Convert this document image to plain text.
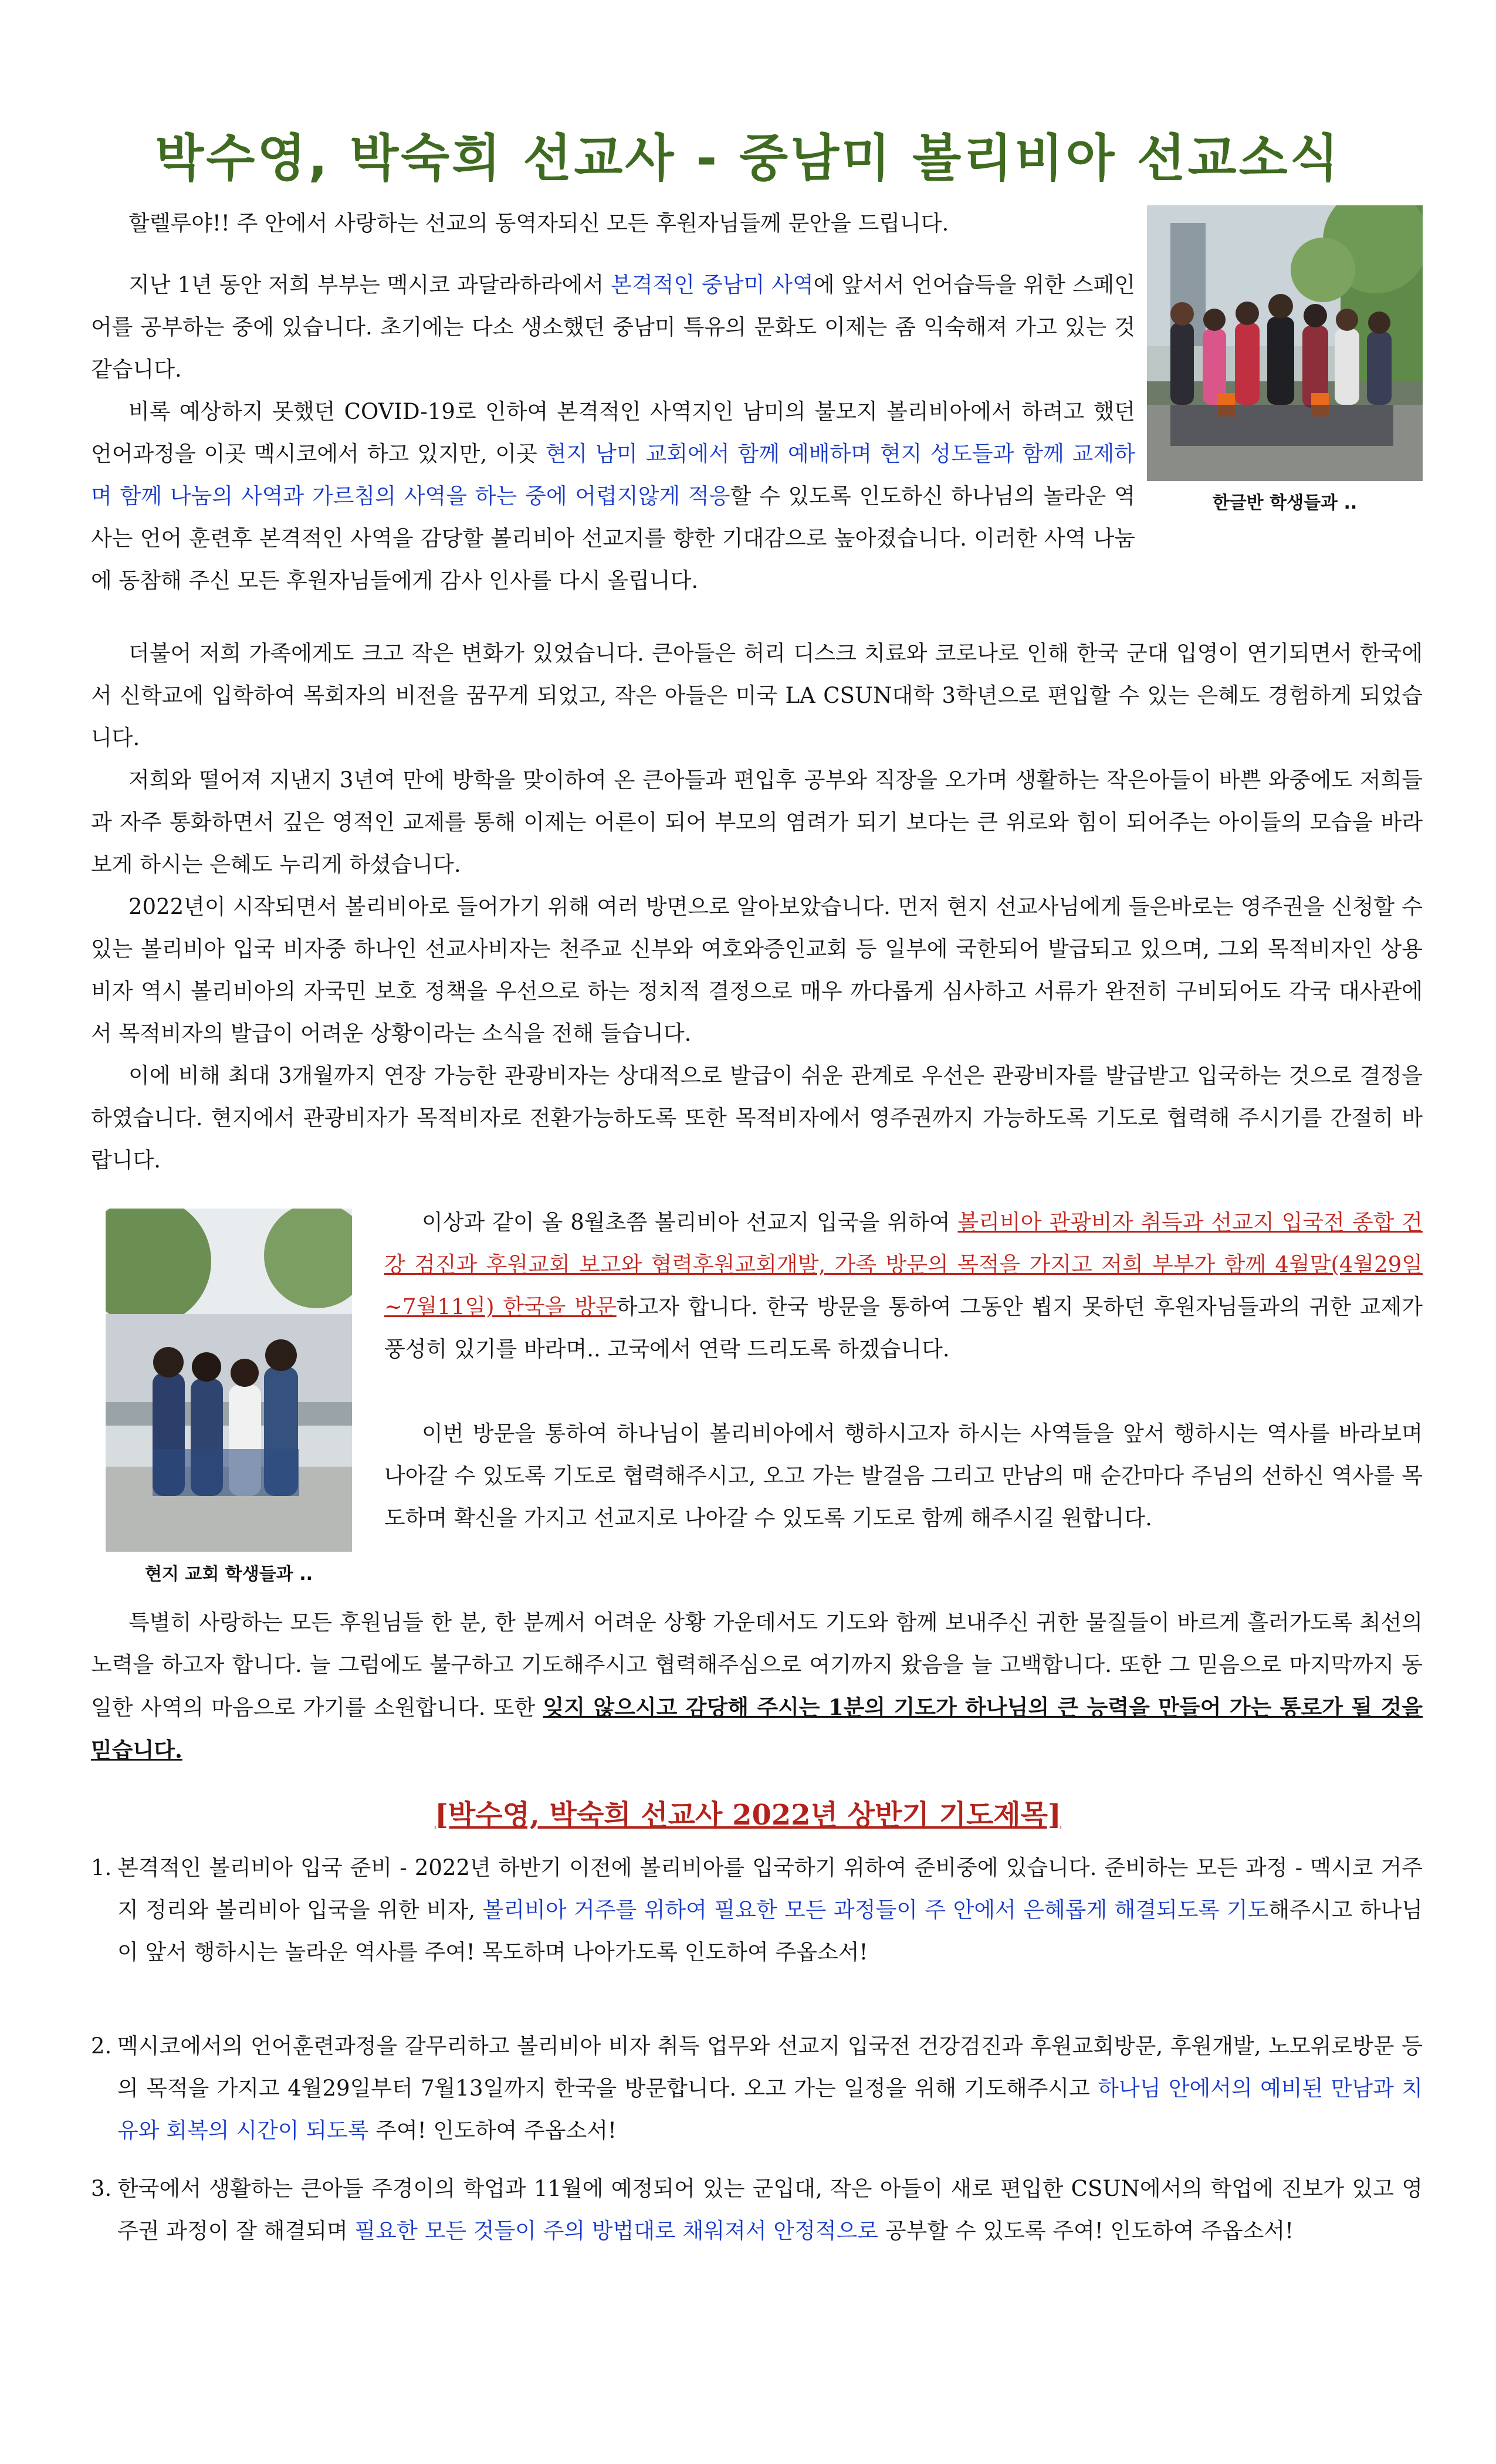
박수영, 박숙희 선교사 - 중남미 볼리비아 선교소식

할렐루야!! 주 안에서 사랑하는 선교의 동역자되신 모든 후원자님들께 문안을 드립니다.

지난 1년 동안 저희 부부는 멕시코 과달라하라에서 본격적인 중남미 사역에 앞서서 언어습득을 위한 스페인어를 공부하는 중에 있습니다. 초기에는 다소 생소했던 중남미 특유의 문화도 이제는 좀 익숙해져 가고 있는 것 같습니다.

비록 예상하지 못했던 COVID-19로 인하여 본격적인 사역지인 남미의 불모지 볼리비아에서 하려고 했던 언어과정을 이곳 멕시코에서 하고 있지만, 이곳 현지 남미 교회에서 함께 예배하며 현지 성도들과 함께 교제하며 함께 나눔의 사역과 가르침의 사역을 하는 중에 어렵지않게 적응할 수 있도록 인도하신 하나님의 놀라운 역사는 언어 훈련후 본격적인 사역을 감당할 볼리비아 선교지를 향한 기대감으로 높아졌습니다. 이러한 사역 나눔에 동참해 주신 모든 후원자님들에게 감사 인사를 다시 올립니다.

한글반 학생들과 ..

더불어 저희 가족에게도 크고 작은 변화가 있었습니다. 큰아들은 허리 디스크 치료와 코로나로 인해 한국 군대 입영이 연기되면서 한국에서 신학교에 입학하여 목회자의 비전을 꿈꾸게 되었고, 작은 아들은 미국 LA CSUN대학 3학년으로 편입할 수 있는 은혜도 경험하게 되었습니다.

저희와 떨어져 지낸지 3년여 만에 방학을 맞이하여 온 큰아들과 편입후 공부와 직장을 오가며 생활하는 작은아들이 바쁜 와중에도 저희들과 자주 통화하면서 깊은 영적인 교제를 통해 이제는 어른이 되어 부모의 염려가 되기 보다는 큰 위로와 힘이 되어주는 아이들의 모습을 바라보게 하시는 은혜도 누리게 하셨습니다.

2022년이 시작되면서 볼리비아로 들어가기 위해 여러 방면으로 알아보았습니다. 먼저 현지 선교사님에게 들은바로는 영주권을 신청할 수 있는 볼리비아 입국 비자중 하나인 선교사비자는 천주교 신부와 여호와증인교회 등 일부에 국한되어 발급되고 있으며, 그외 목적비자인 상용비자 역시 볼리비아의 자국민 보호 정책을 우선으로 하는 정치적 결정으로 매우 까다롭게 심사하고 서류가 완전히 구비되어도 각국 대사관에서 목적비자의 발급이 어려운 상황이라는 소식을 전해 들습니다.

이에 비해 최대 3개월까지 연장 가능한 관광비자는 상대적으로 발급이 쉬운 관계로 우선은 관광비자를 발급받고 입국하는 것으로 결정을 하였습니다. 현지에서 관광비자가 목적비자로 전환가능하도록 또한 목적비자에서 영주권까지 가능하도록 기도로 협력해 주시기를 간절히 바랍니다.

현지 교회 학생들과 ..

이상과 같이 올 8월초쯤 볼리비아 선교지 입국을 위하여 볼리비아 관광비자 취득과 선교지 입국전 종합 건강 검진과 후원교회 보고와 협력후원교회개발, 가족 방문의 목적을 가지고 저희 부부가 함께 4월말(4월29일~7월11일) 한국을 방문하고자 합니다. 한국 방문을 통하여 그동안 뵙지 못하던 후원자님들과의 귀한 교제가 풍성히 있기를 바라며.. 고국에서 연락 드리도록 하겠습니다.

이번 방문을 통하여 하나님이 볼리비아에서 행하시고자 하시는 사역들을 앞서 행하시는 역사를 바라보며 나아갈 수 있도록 기도로 협력해주시고, 오고 가는 발걸음 그리고 만남의 매 순간마다 주님의 선하신 역사를 목도하며 확신을 가지고 선교지로 나아갈 수 있도록 기도로 함께 해주시길 원합니다.

특별히 사랑하는 모든 후원님들 한 분, 한 분께서 어려운 상황 가운데서도 기도와 함께 보내주신 귀한 물질들이 바르게 흘러가도록 최선의 노력을 하고자 합니다. 늘 그럼에도 불구하고 기도해주시고 협력해주심으로 여기까지 왔음을 늘 고백합니다. 또한 그 믿음으로 마지막까지 동일한 사역의 마음으로 가기를 소원합니다. 또한 잊지 않으시고 감당해 주시는 1분의 기도가 하나님의 큰 능력을 만들어 가는 통로가 될 것을 믿습니다.

[박수영, 박숙희 선교사 2022년 상반기 기도제목]
1. 본격적인 볼리비아 입국 준비 - 2022년 하반기 이전에 볼리비아를 입국하기 위하여 준비중에 있습니다. 준비하는 모든 과정 - 멕시코 거주지 정리와 볼리비아 입국을 위한 비자, 볼리비아 거주를 위하여 필요한 모든 과정들이 주 안에서 은혜롭게 해결되도록 기도해주시고 하나님이 앞서 행하시는 놀라운 역사를 주여! 목도하며 나아가도록 인도하여 주옵소서!

2. 멕시코에서의 언어훈련과정을 갈무리하고 볼리비아 비자 취득 업무와 선교지 입국전 건강검진과 후원교회방문, 후원개발, 노모위로방문 등의 목적을 가지고 4월29일부터 7월13일까지 한국을 방문합니다. 오고 가는 일정을 위해 기도해주시고 하나님 안에서의 예비된 만남과 치유와 회복의 시간이 되도록 주여! 인도하여 주옵소서!

3. 한국에서 생활하는 큰아들 주경이의 학업과 11월에 예정되어 있는 군입대, 작은 아들이 새로 편입한 CSUN에서의 학업에 진보가 있고 영주권 과정이 잘 해결되며 필요한 모든 것들이 주의 방법대로 채워져서 안정적으로 공부할 수 있도록 주여! 인도하여 주옵소서!
